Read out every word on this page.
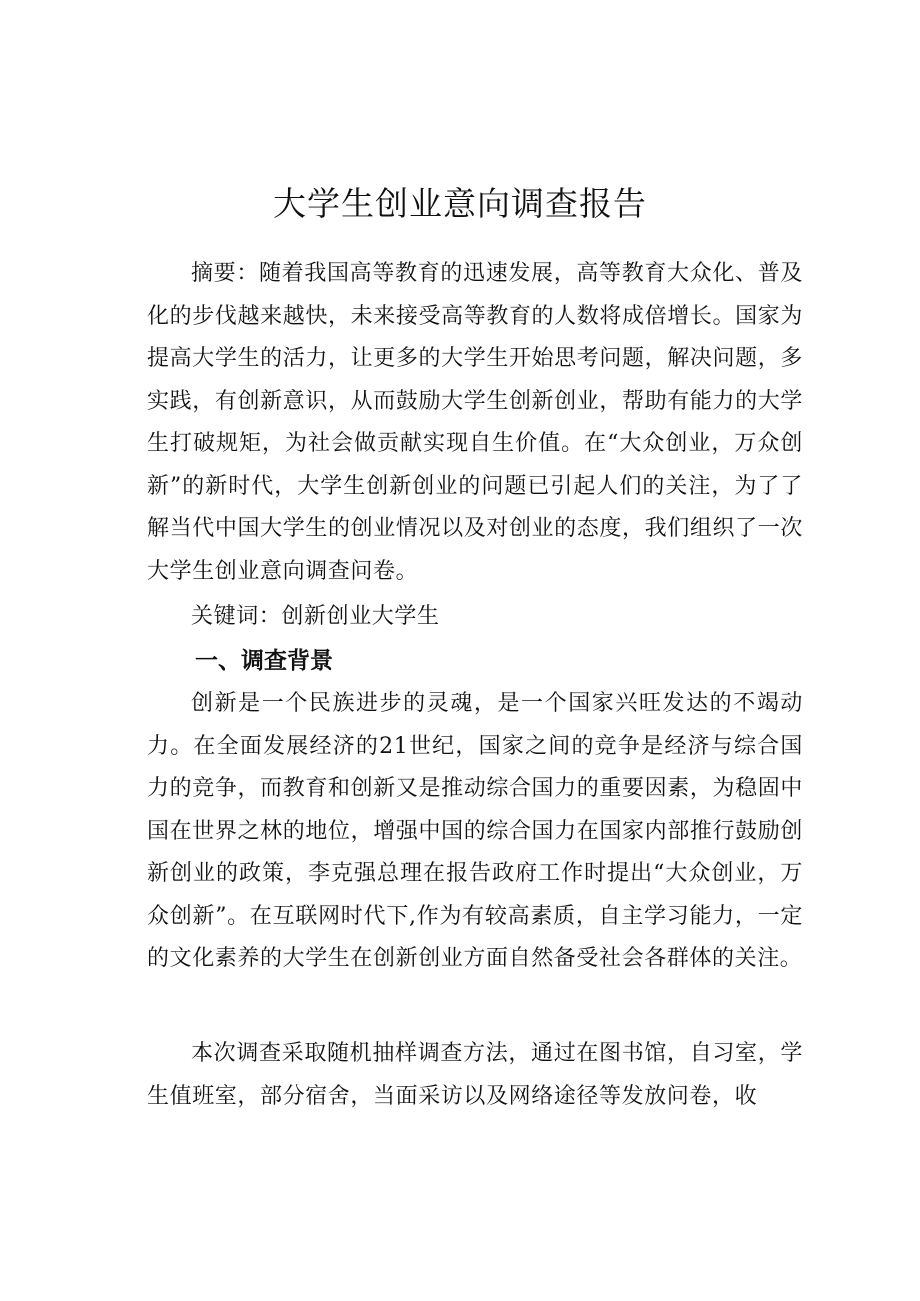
大学生创业意向调查报告

摘要：随着我国高等教育的迅速发展，高等教育大众化、普及化的步伐越来越快，未来接受高等教育的人数将成倍增长。国家为提高大学生的活力，让更多的大学生开始思考问题，解决问题，多实践，有创新意识，从而鼓励大学生创新创业，帮助有能力的大学生打破规矩，为社会做贡献实现自生价值。在“大众创业，万众创新”的新时代，大学生创新创业的问题已引起人们的关注，为了了解当代中国大学生的创业情况以及对创业的态度，我们组织了一次大学生创业意向调查问卷。

关键词：创新创业大学生

一、调查背景

创新是一个民族进步的灵魂，是一个国家兴旺发达的不竭动力。在全面发展经济的21世纪，国家之间的竞争是经济与综合国力的竞争，而教育和创新又是推动综合国力的重要因素，为稳固中国在世界之林的地位，增强中国的综合国力在国家内部推行鼓励创新创业的政策，李克强总理在报告政府工作时提出“大众创业，万众创新”。在互联网时代下,作为有较高素质，自主学习能力，一定的文化素养的大学生在创新创业方面自然备受社会各群体的关注。

本次调查采取随机抽样调查方法，通过在图书馆，自习室，学生值班室，部分宿舍，当面采访以及网络途径等发放问卷，收
